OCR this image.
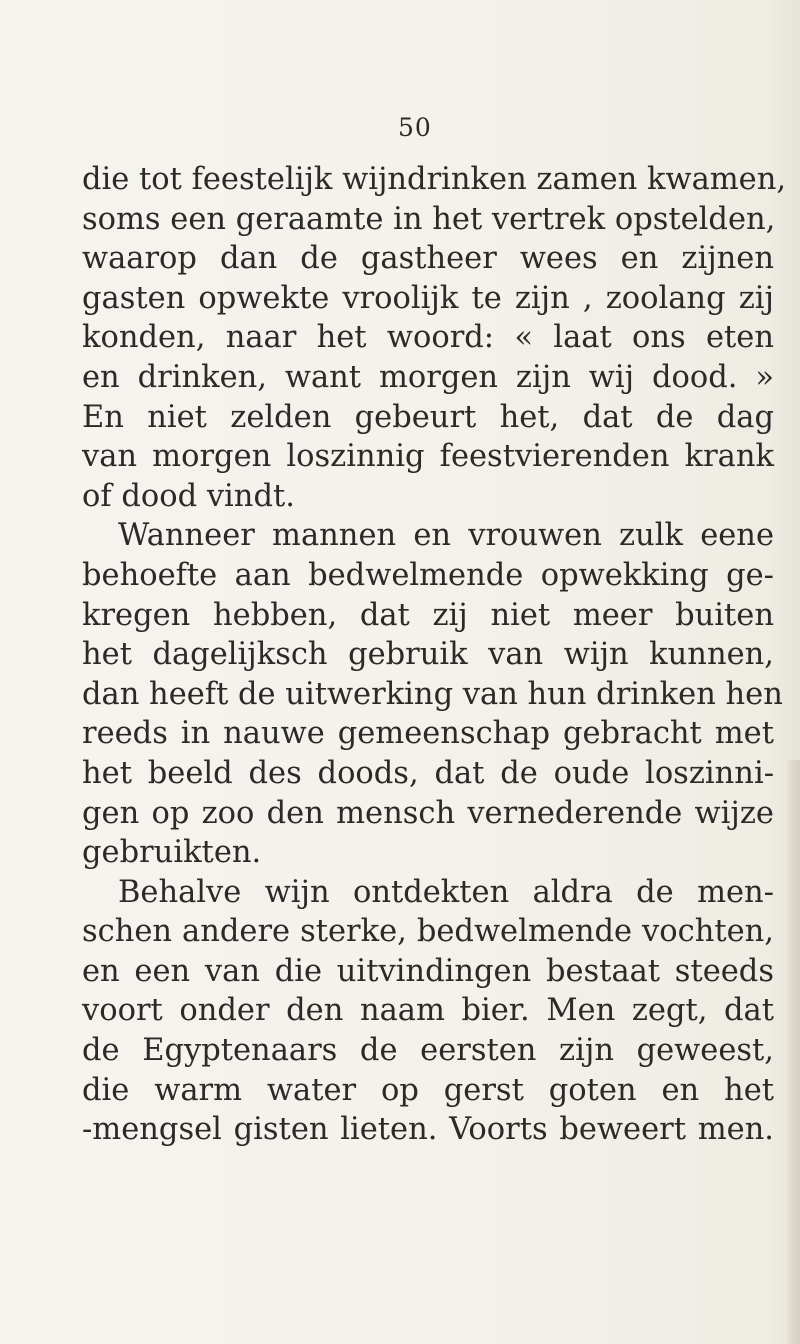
50
die tot feestelijk wijndrinken zamen kwamen,
soms een geraamte in het vertrek opstelden,
waarop dan de gastheer wees en zijnen
gasten opwekte vroolijk te zijn , zoolang zij
konden, naar het woord: « laat ons eten
en drinken, want morgen zijn wij dood. »
En niet zelden gebeurt het, dat de dag
van morgen loszinnig feestvierenden krank
of dood vindt.
Wanneer mannen en vrouwen zulk eene
behoefte aan bedwelmende opwekking ge-
kregen hebben, dat zij niet meer buiten
het dagelijksch gebruik van wijn kunnen,
dan heeft de uitwerking van hun drinken hen
reeds in nauwe gemeenschap gebracht met
het beeld des doods, dat de oude loszinni-
gen op zoo den mensch vernederende wijze
gebruikten.
Behalve wijn ontdekten aldra de men-
schen andere sterke, bedwelmende vochten,
en een van die uitvindingen bestaat steeds
voort onder den naam bier. Men zegt, dat
de Egyptenaars de eersten zijn geweest,
die warm water op gerst goten en het
-mengsel gisten lieten. Voorts beweert men.
